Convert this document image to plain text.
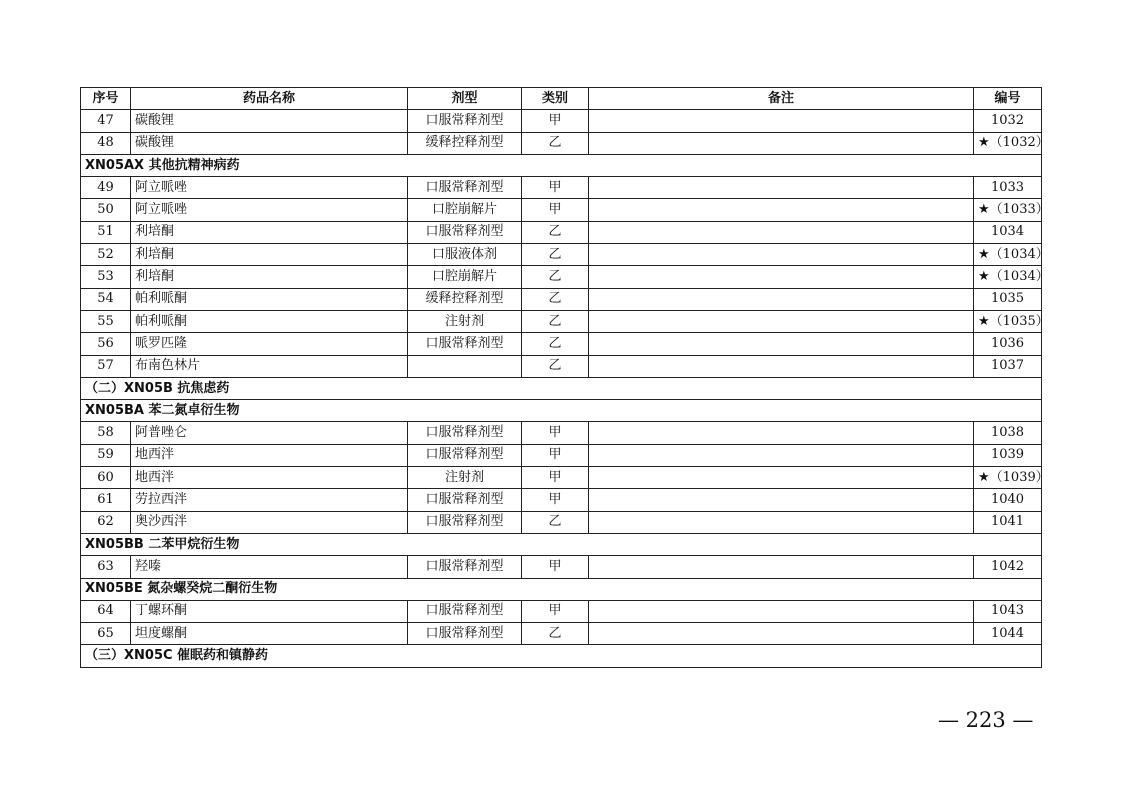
序号	药品名称	剂型	类别	备注	编号
47	碳酸锂	口服常释剂型	甲		1032
48	碳酸锂	缓释控释剂型	乙		★（1032）
XN05AX 其他抗精神病药					
49	阿立哌唑	口服常释剂型	甲		1033
50	阿立哌唑	口腔崩解片	甲		★（1033）
51	利培酮	口服常释剂型	乙		1034
52	利培酮	口服液体剂	乙		★（1034）
53	利培酮	口腔崩解片	乙		★（1034）
54	帕利哌酮	缓释控释剂型	乙		1035
55	帕利哌酮	注射剂	乙		★（1035）
56	哌罗匹隆	口服常释剂型	乙		1036
57	布南色林片		乙		1037
（二）XN05B 抗焦虑药					
XN05BA 苯二氮卓衍生物					
58	阿普唑仑	口服常释剂型	甲		1038
59	地西泮	口服常释剂型	甲		1039
60	地西泮	注射剂	甲		★（1039）
61	劳拉西泮	口服常释剂型	甲		1040
62	奥沙西泮	口服常释剂型	乙		1041
XN05BB 二苯甲烷衍生物					
63	羟嗪	口服常释剂型	甲		1042
XN05BE 氮杂螺癸烷二酮衍生物					
64	丁螺环酮	口服常释剂型	甲		1043
65	坦度螺酮	口服常释剂型	乙		1044
（三）XN05C 催眠药和镇静药					
— 223 —
